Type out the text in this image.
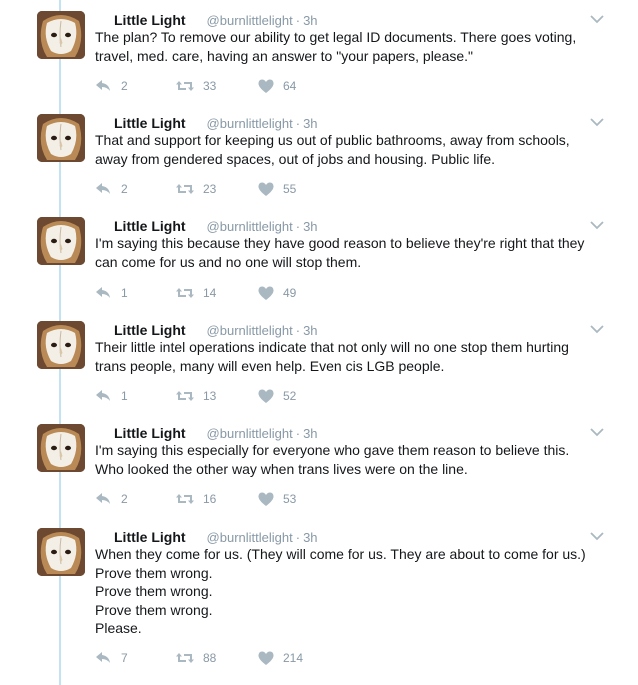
Little Light @burnlittlelight · 3h
The plan? To remove our ability to get legal ID documents. There goes voting,
travel, med. care, having an answer to "your papers, please."
2	33	64
Little Light @burnlittlelight · 3h
That and support for keeping us out of public bathrooms, away from schools,
away from gendered spaces, out of jobs and housing. Public life.
2	23	55
Little Light @burnlittlelight · 3h
I'm saying this because they have good reason to believe they're right that they
can come for us and no one will stop them.
1	14	49
Little Light @burnlittlelight · 3h
Their little intel operations indicate that not only will no one stop them hurting
trans people, many will even help. Even cis LGB people.
1	13	52
Little Light @burnlittlelight · 3h
I'm saying this especially for everyone who gave them reason to believe this.
Who looked the other way when trans lives were on the line.
2	16	53
Little Light @burnlittlelight · 3h
When they come for us. (They will come for us. They are about to come for us.)
Prove them wrong.
Prove them wrong.
Prove them wrong.
Please.
7	88	214
